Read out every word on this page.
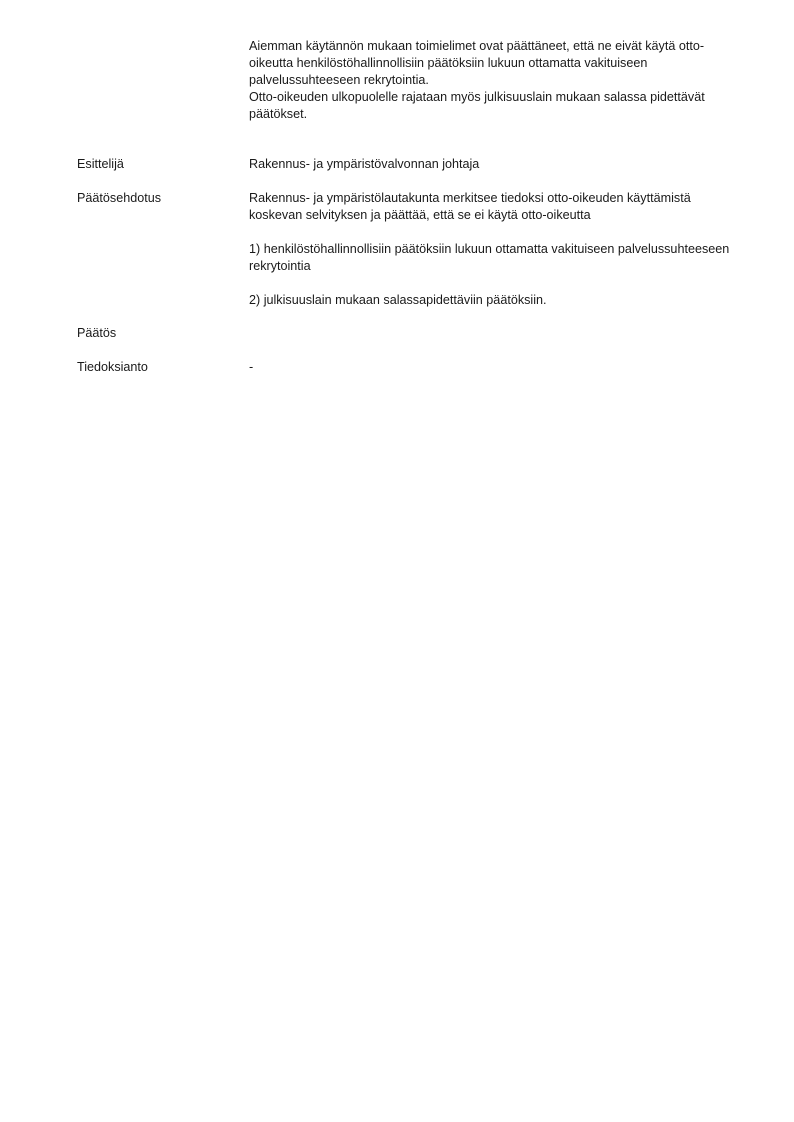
Aiemman käytännön mukaan toimielimet ovat päättäneet, että ne eivät käytä otto-oikeutta henkilöstöhallinnollisiin päätöksiin lukuun ottamatta vakituiseen palvelussuhteeseen rekrytointia.

Otto-oikeuden ulkopuolelle rajataan myös julkisuuslain mukaan salassa pidettävät päätökset.

Esittelijä	Rakennus- ja ympäristövalvonnan johtaja

Päätösehdotus	Rakennus- ja ympäristölautakunta merkitsee tiedoksi otto-oikeuden käyttämistä koskevan selvityksen ja päättää, että se ei käytä otto-oikeutta

1) henkilöstöhallinnollisiin päätöksiin lukuun ottamatta vakituiseen palvelussuhteeseen rekrytointia

2) julkisuuslain mukaan salassapidettäviin päätöksiin.

Päätös

Tiedoksianto	-
